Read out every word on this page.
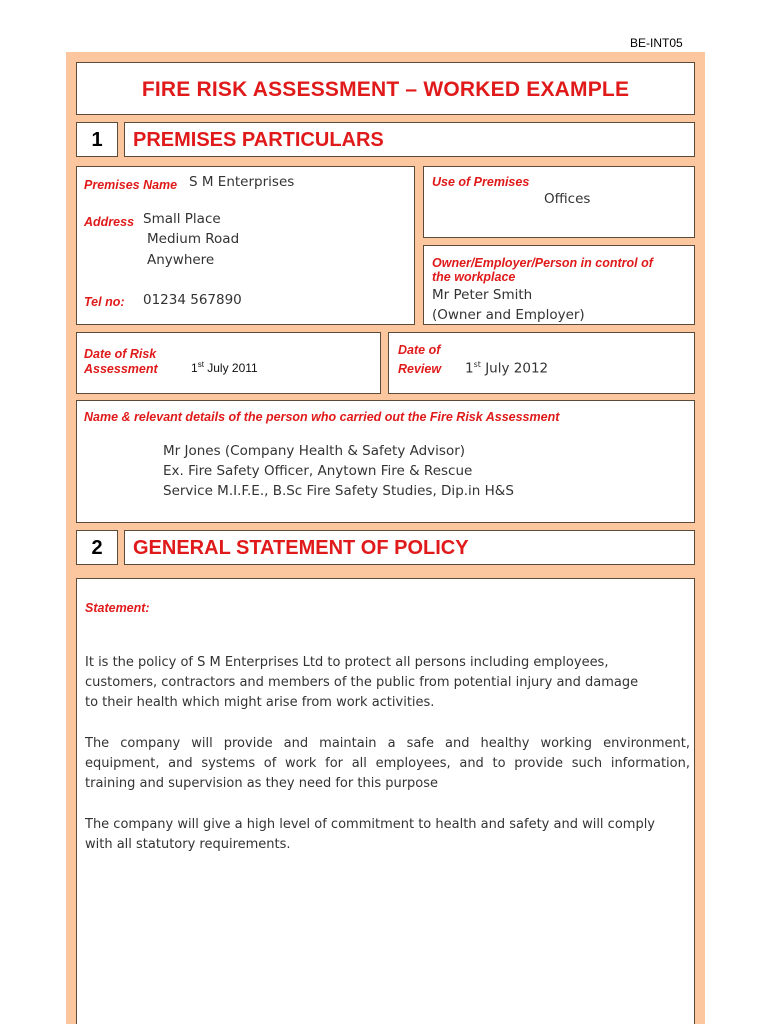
BE-INT05
FIRE RISK ASSESSMENT – WORKED EXAMPLE
1	PREMISES PARTICULARS
Premises Name S M Enterprises
Address Small Place
Medium Road
Anywhere
Tel no: 01234 567890
Use of Premises
Offices
Owner/Employer/Person in control of
the workplace
Mr Peter Smith
(Owner and Employer)
Date of Risk
Assessment	1st July 2011
Date of
Review 1st July 2012
Name & relevant details of the person who carried out the Fire Risk Assessment
Mr Jones (Company Health & Safety Advisor)
Ex. Fire Safety Officer, Anytown Fire & Rescue
Service M.I.F.E., B.Sc Fire Safety Studies, Dip.in H&S
2	GENERAL STATEMENT OF POLICY
Statement:
It is the policy of S M Enterprises Ltd to protect all persons including employees,
customers, contractors and members of the public from potential injury and damage
to their health which might arise from work activities.
The company will provide and maintain a safe and healthy working environment,
equipment, and systems of work for all employees, and to provide such information,
training and supervision as they need for this purpose
The company will give a high level of commitment to health and safety and will comply
with all statutory requirements.
